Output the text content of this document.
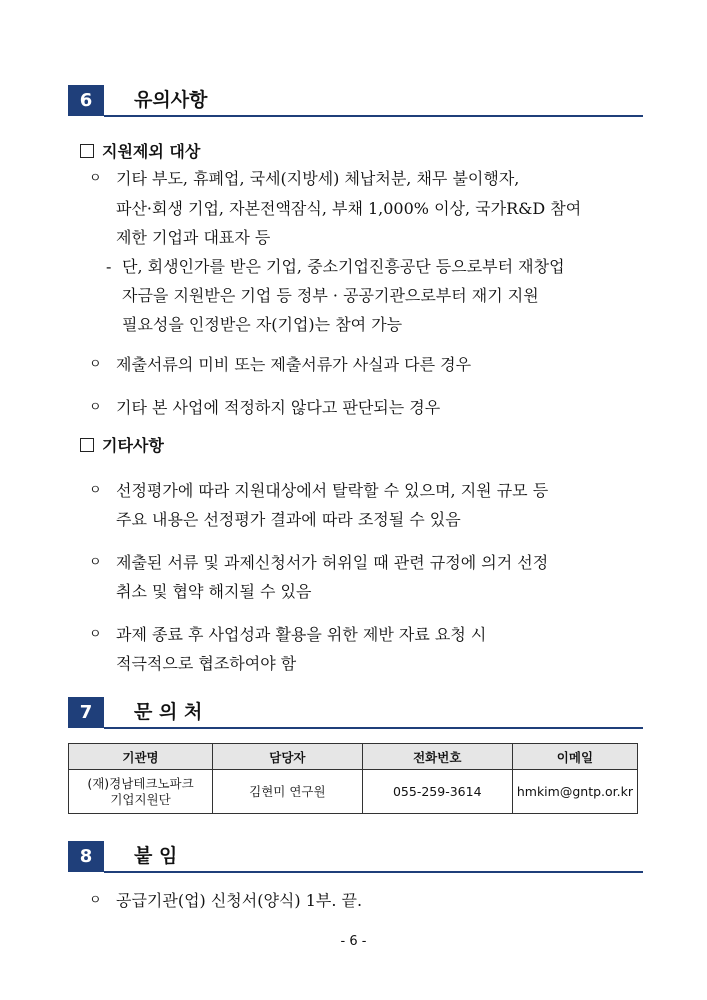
6	유의사항
지원제외 대상
ㅇ 기타 부도, 휴폐업, 국세(지방세) 체납처분, 채무 불이행자,
파산·회생 기업, 자본전액잠식, 부채 1,000% 이상, 국가R&D 참여
제한 기업과 대표자 등
- 단, 회생인가를 받은 기업, 중소기업진흥공단 등으로부터 재창업
자금을 지원받은 기업 등 정부 · 공공기관으로부터 재기 지원
필요성을 인정받은 자(기업)는 참여 가능
ㅇ 제출서류의 미비 또는 제출서류가 사실과 다른 경우
ㅇ 기타 본 사업에 적정하지 않다고 판단되는 경우
기타사항
ㅇ 선정평가에 따라 지원대상에서 탈락할 수 있으며, 지원 규모 등
주요 내용은 선정평가 결과에 따라 조정될 수 있음
ㅇ 제출된 서류 및 과제신청서가 허위일 때 관련 규정에 의거 선정
취소 및 협약 해지될 수 있음
ㅇ 과제 종료 후 사업성과 활용을 위한 제반 자료 요청 시
적극적으로 협조하여야 함
7	문 의 처
기관명	담당자	전화번호	이메일
(재)경남테크노파크
기업지원단	김현미 연구원	055-259-3614	hmkim@gntp.or.kr
8	붙 임
ㅇ 공급기관(업) 신청서(양식) 1부. 끝.
- 6 -
